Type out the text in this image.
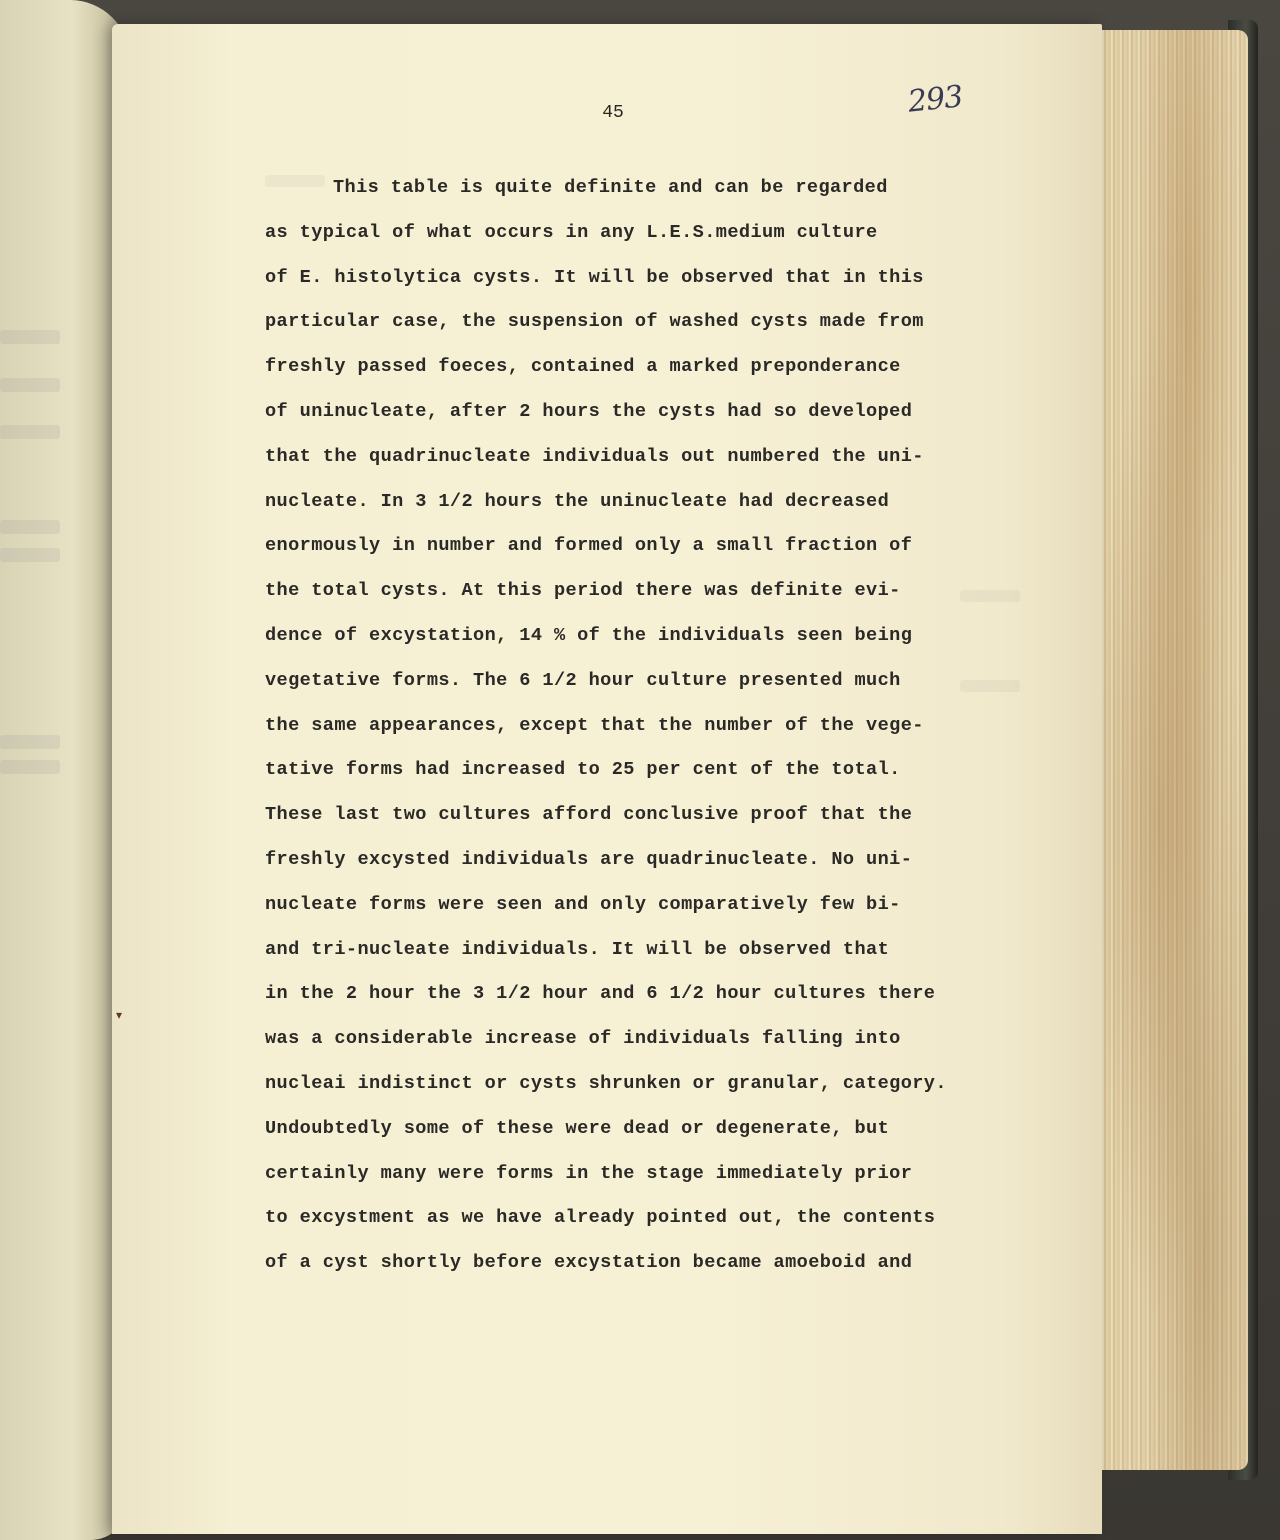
45	293
▾
This table is quite definite and can be regarded
as typical of what occurs in any L.E.S.medium culture
of E. histolytica cysts. It will be observed that in this
particular case, the suspension of washed cysts made from
freshly passed foeces, contained a marked preponderance
of uninucleate, after 2 hours the cysts had so developed
that the quadrinucleate individuals out numbered the uni-
nucleate. In 3 1/2 hours the uninucleate had decreased
enormously in number and formed only a small fraction of
the total cysts. At this period there was definite evi-
dence of excystation, 14 % of the individuals seen being
vegetative forms. The 6 1/2 hour culture presented much
the same appearances, except that the number of the vege-
tative forms had increased to 25 per cent of the total.
These last two cultures afford conclusive proof that the
freshly excysted individuals are quadrinucleate. No uni-
nucleate forms were seen and only comparatively few bi-
and tri-nucleate individuals. It will be observed that
in the 2 hour the 3 1/2 hour and 6 1/2 hour cultures there
was a considerable increase of individuals falling into
nucleai indistinct or cysts shrunken or granular, category.
Undoubtedly some of these were dead or degenerate, but
certainly many were forms in the stage immediately prior
to excystment as we have already pointed out, the contents
of a cyst shortly before excystation became amoeboid and
